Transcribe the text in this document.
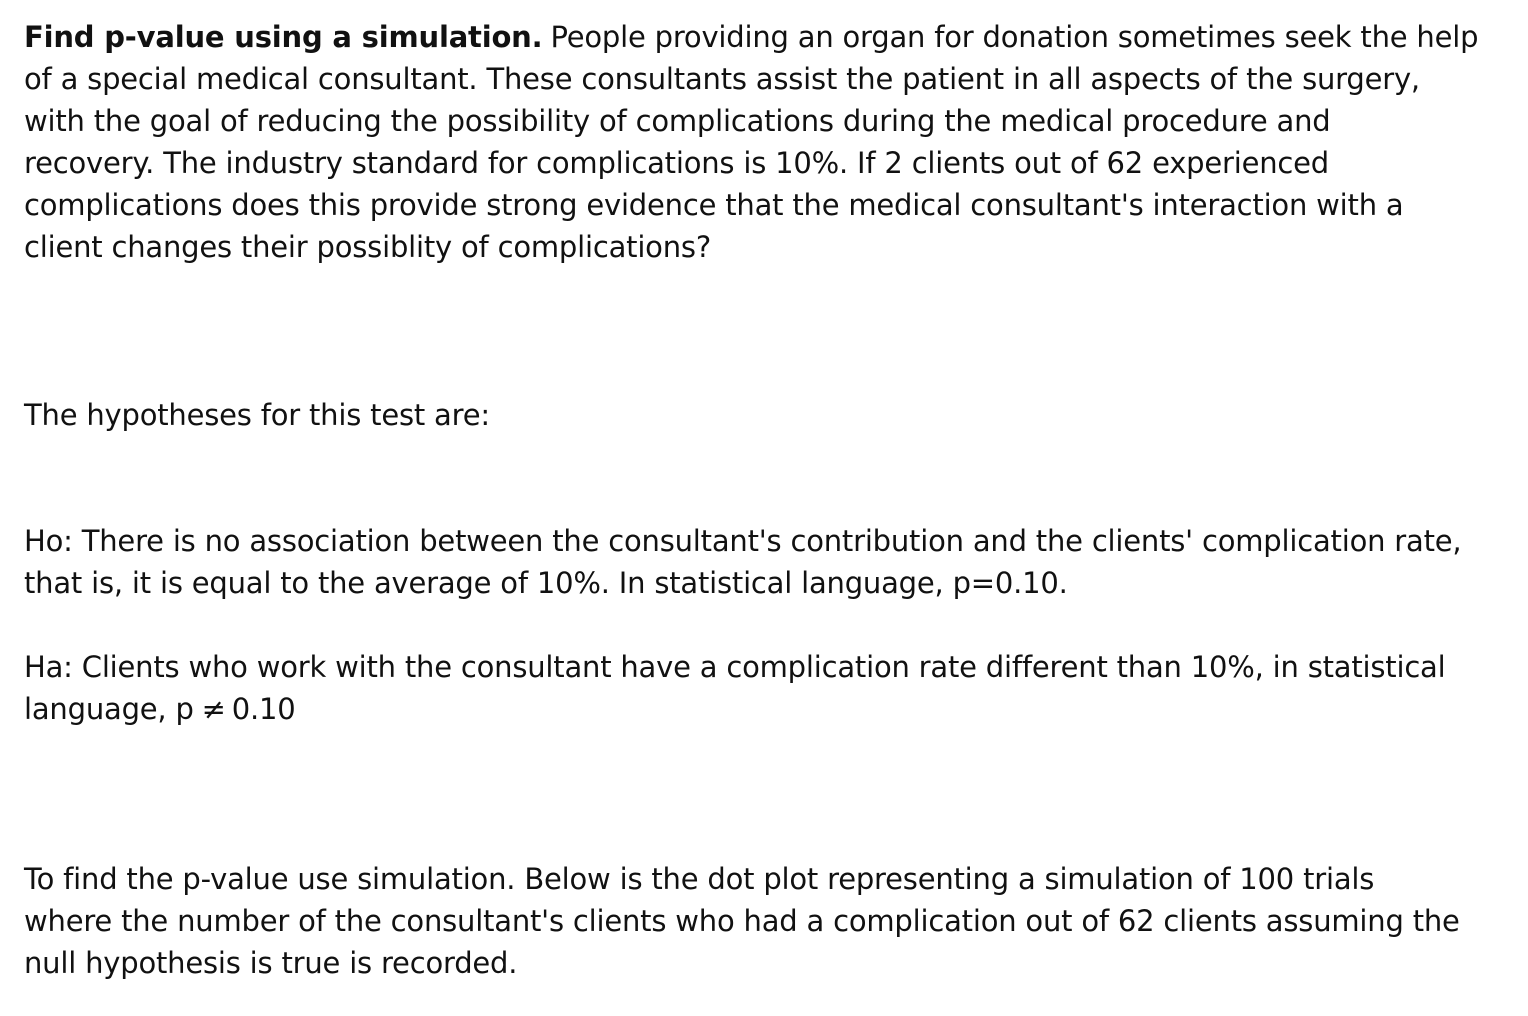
Find p-value using a simulation. People providing an organ for donation sometimes seek the help
of a special medical consultant. These consultants assist the patient in all aspects of the surgery,
with the goal of reducing the possibility of complications during the medical procedure and
recovery. The industry standard for complications is 10%. If 2 clients out of 62 experienced
complications does this provide strong evidence that the medical consultant's interaction with a
client changes their possiblity of complications?

The hypotheses for this test are:

Ho: There is no association between the consultant's contribution and the clients' complication rate,
that is, it is equal to the average of 10%. In statistical language, p=0.10.

Ha: Clients who work with the consultant have a complication rate different than 10%, in statistical
language, p ≠ 0.10

To find the p-value use simulation. Below is the dot plot representing a simulation of 100 trials
where the number of the consultant's clients who had a complication out of 62 clients assuming the
null hypothesis is true is recorded.
